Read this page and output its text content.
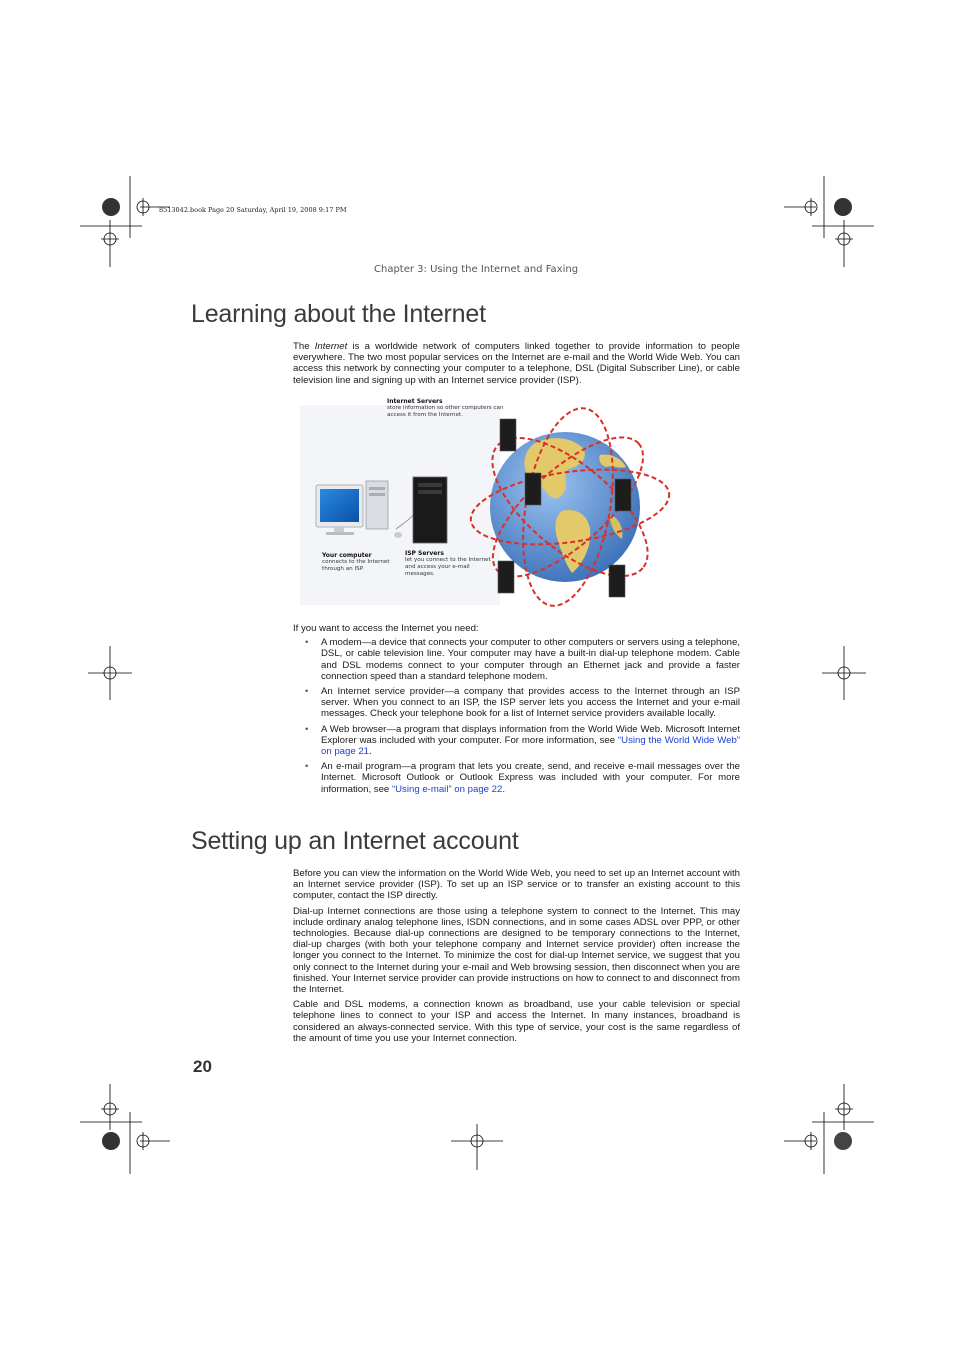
8513042.book Page 20 Saturday, April 19, 2008 9:17 PM
Chapter 3: Using the Internet and Faxing
Learning about the Internet

The Internet is a worldwide network of computers linked together to provide information to people everywhere. The two most popular services on the Internet are e-mail and the World Wide Web. You can access this network by connecting your computer to a telephone, DSL (Digital Subscriber Line), or cable television line and signing up with an Internet service provider (ISP).

Internet Servers
store information so other computers can access it from the Internet.
Your computer
connects to the Internet through an ISP.
ISP Servers
let you connect to the Internet and access your e-mail messages.

If you want to access the Internet you need:

• A modem—a device that connects your computer to other computers or servers using a telephone, DSL, or cable television line. Your computer may have a built-in dial-up telephone modem. Cable and DSL modems connect to your computer through an Ethernet jack and provide a faster connection speed than a standard telephone modem.
• An Internet service provider—a company that provides access to the Internet through an ISP server. When you connect to an ISP, the ISP server lets you access the Internet and your e-mail messages. Check your telephone book for a list of Internet service providers available locally.
• A Web browser—a program that displays information from the World Wide Web. Microsoft Internet Explorer was included with your computer. For more information, see “Using the World Wide Web” on page 21.
• An e-mail program—a program that lets you create, send, and receive e-mail messages over the Internet. Microsoft Outlook or Outlook Express was included with your computer. For more information, see “Using e-mail” on page 22.
Setting up an Internet account

Before you can view the information on the World Wide Web, you need to set up an Internet account with an Internet service provider (ISP). To set up an ISP service or to transfer an existing account to this computer, contact the ISP directly.

Dial-up Internet connections are those using a telephone system to connect to the Internet. This may include ordinary analog telephone lines, ISDN connections, and in some cases ADSL over PPP, or other technologies. Because dial-up connections are designed to be temporary connections to the Internet, dial-up charges (with both your telephone company and Internet service provider) often increase the longer you connect to the Internet. To minimize the cost for dial-up Internet service, we suggest that you only connect to the Internet during your e-mail and Web browsing session, then disconnect when you are finished. Your Internet service provider can provide instructions on how to connect to and disconnect from the Internet.

Cable and DSL modems, a connection known as broadband, use your cable television or special telephone lines to connect to your ISP and access the Internet. In many instances, broadband is considered an always-connected service. With this type of service, your cost is the same regardless of the amount of time you use your Internet connection.

20
